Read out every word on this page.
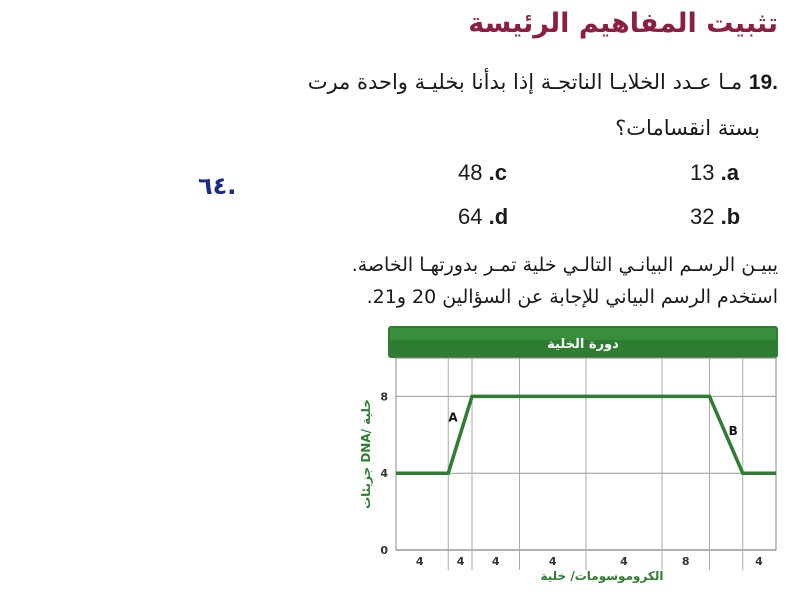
تثبيت المفاهيم الرئيسة
.19 مـا عـدد الخلايـا الناتجـة إذا بدأنا بخليـة واحدة مرت
بستة انقسامات؟
13 .a
48 .c
32 .b
64 .d
.٦٤
يبيـن الرسـم البيانـي التالـي خلية تمـر بدورتهـا الخاصة.
استخدم الرسم البياني للإجابة عن السؤالين 20 و21.
دورة الخلية
0
4
8
4	4 4	4	4	8	4
A
B
الكروموسومات/ خلية
جزيئات DNA/ خلية
